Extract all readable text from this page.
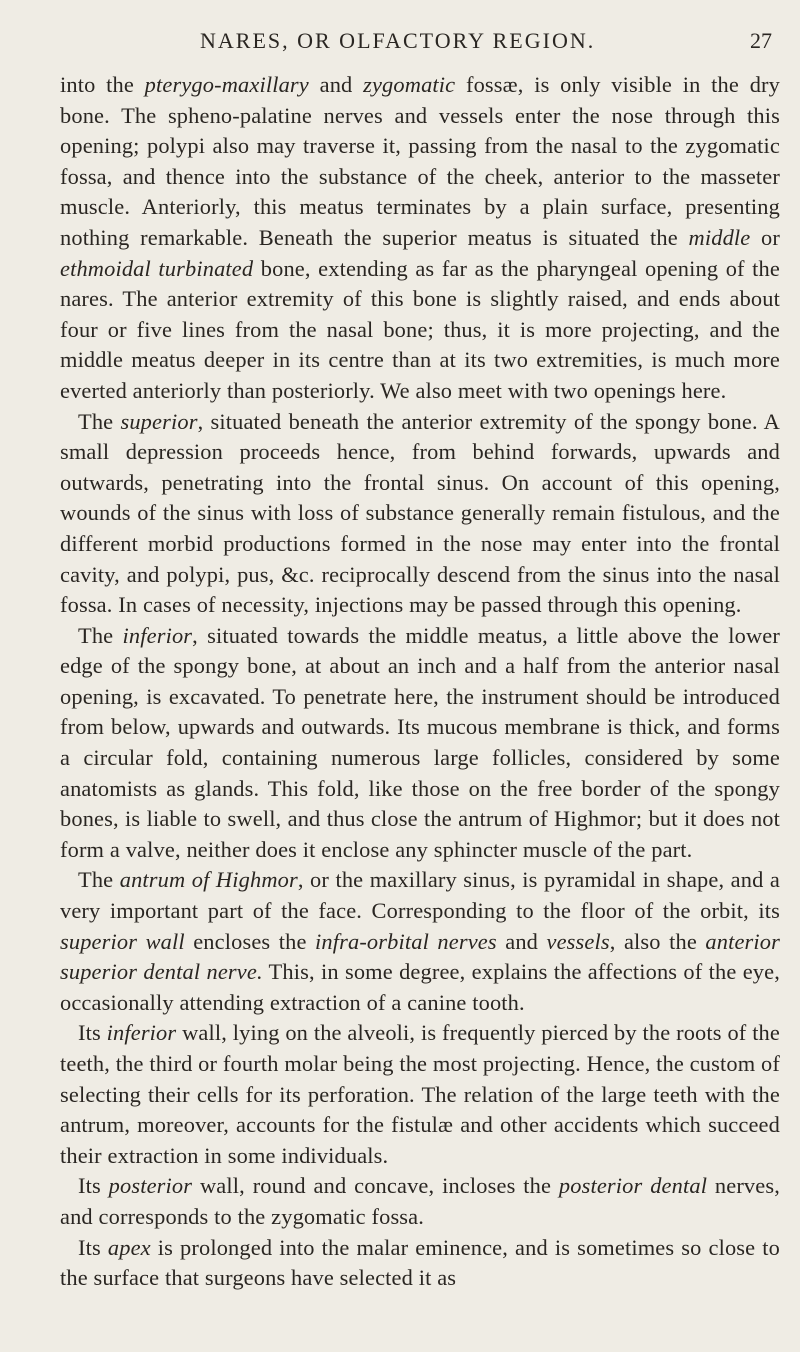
NARES, OR OLFACTORY REGION.	27

into the pterygo-maxillary and zygomatic fossæ, is only visible in the dry bone. The spheno-palatine nerves and vessels enter the nose through this opening; polypi also may traverse it, passing from the nasal to the zygomatic fossa, and thence into the substance of the cheek, anterior to the masseter muscle. Anteriorly, this meatus terminates by a plain surface, presenting nothing remarkable. Beneath the superior meatus is situated the middle or ethmoidal turbinated bone, extending as far as the pharyngeal opening of the nares. The anterior extremity of this bone is slightly raised, and ends about four or five lines from the nasal bone; thus, it is more projecting, and the middle meatus deeper in its centre than at its two extremities, is much more everted anteriorly than posteriorly. We also meet with two openings here.

The superior, situated beneath the anterior extremity of the spongy bone. A small depression proceeds hence, from behind forwards, upwards and outwards, penetrating into the frontal sinus. On account of this opening, wounds of the sinus with loss of substance generally remain fistulous, and the different morbid productions formed in the nose may enter into the frontal cavity, and polypi, pus, &c. reciprocally descend from the sinus into the nasal fossa. In cases of necessity, injections may be passed through this opening.

The inferior, situated towards the middle meatus, a little above the lower edge of the spongy bone, at about an inch and a half from the anterior nasal opening, is excavated. To penetrate here, the instrument should be introduced from below, upwards and outwards. Its mucous membrane is thick, and forms a circular fold, containing numerous large follicles, considered by some anatomists as glands. This fold, like those on the free border of the spongy bones, is liable to swell, and thus close the antrum of Highmor; but it does not form a valve, neither does it enclose any sphincter muscle of the part.

The antrum of Highmor, or the maxillary sinus, is pyramidal in shape, and a very important part of the face. Corresponding to the floor of the orbit, its superior wall encloses the infra-orbital nerves and vessels, also the anterior superior dental nerve. This, in some degree, explains the affections of the eye, occasionally attending extraction of a canine tooth.

Its inferior wall, lying on the alveoli, is frequently pierced by the roots of the teeth, the third or fourth molar being the most projecting. Hence, the custom of selecting their cells for its perforation. The relation of the large teeth with the antrum, moreover, accounts for the fistulæ and other accidents which succeed their extraction in some individuals.

Its posterior wall, round and concave, incloses the posterior dental nerves, and corresponds to the zygomatic fossa.

Its apex is prolonged into the malar eminence, and is sometimes so close to the surface that surgeons have selected it as
